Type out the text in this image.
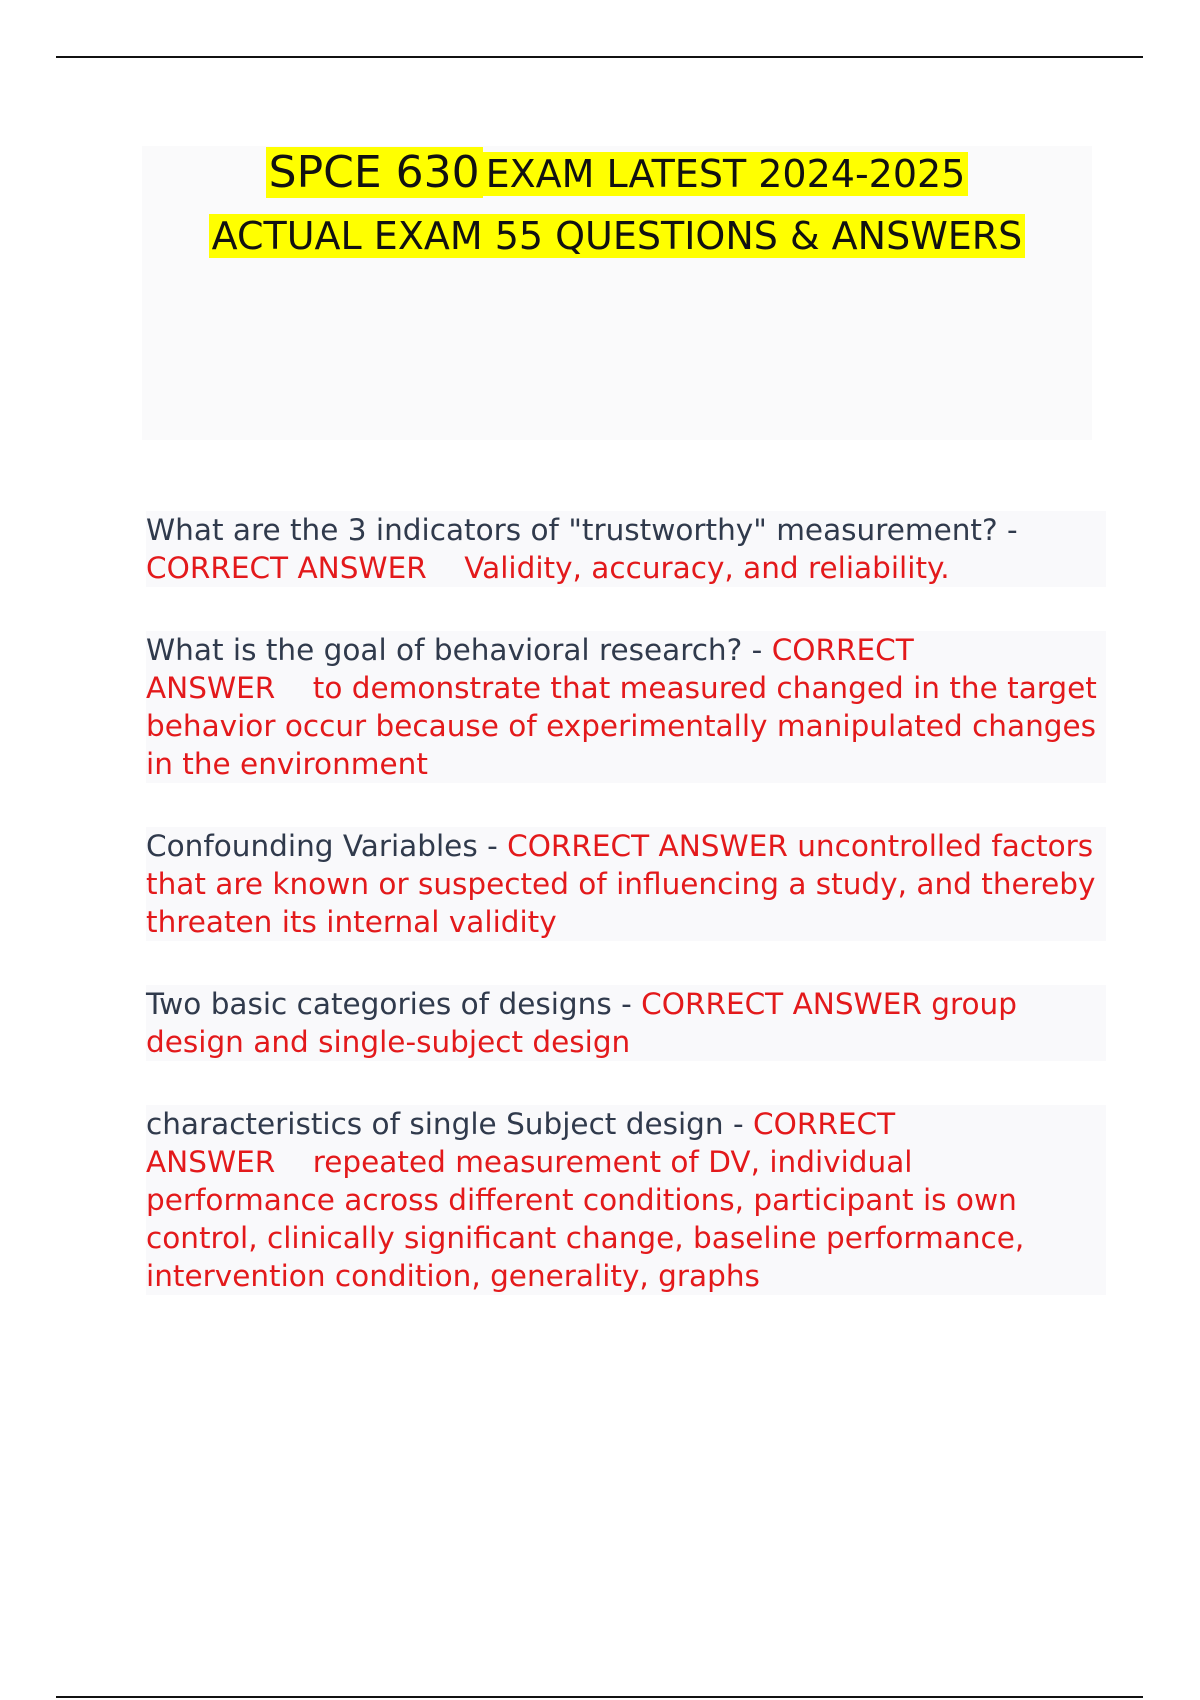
SPCE 630 EXAM LATEST 2024-2025
ACTUAL EXAM 55 QUESTIONS & ANSWERS
What are the 3 indicators of "trustworthy" measurement? - CORRECT ANSWER Validity, accuracy, and reliability.
What is the goal of behavioral research? - CORRECT ANSWER to demonstrate that measured changed in the target behavior occur because of experimentally manipulated changes in the environment
Confounding Variables - CORRECT ANSWER uncontrolled factors that are known or suspected of influencing a study, and thereby threaten its internal validity
Two basic categories of designs - CORRECT ANSWER group design and single-subject design
characteristics of single Subject design - CORRECT ANSWER repeated measurement of DV, individual performance across different conditions, participant is own control, clinically significant change, baseline performance, intervention condition, generality, graphs
